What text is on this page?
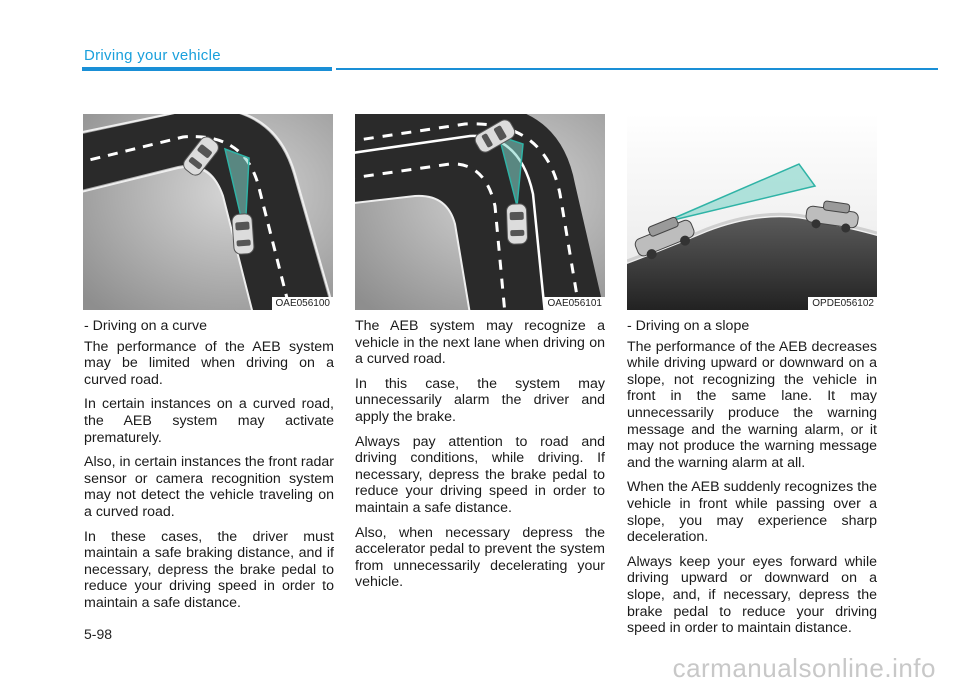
Driving your vehicle
OAE056100	OAE056101	OPDE056102

- Driving on a curve

The performance of the AEB system may be limited when driving on a curved road.

In certain instances on a curved road, the AEB system may activate prematurely.

Also, in certain instances the front radar sensor or camera recognition system may not detect the vehicle traveling on a curved road.

In these cases, the driver must maintain a safe braking distance, and if necessary, depress the brake pedal to reduce your driving speed in order to maintain a safe distance.

The AEB system may recognize a vehicle in the next lane when driving on a curved road.

In this case, the system may unnecessarily alarm the driver and apply the brake.

Always pay attention to road and driving conditions, while driving. If necessary, depress the brake pedal to reduce your driving speed in order to maintain a safe distance.

Also, when necessary depress the accelerator pedal to prevent the system from unnecessarily decelerating your vehicle.

- Driving on a slope

The performance of the AEB decreases while driving upward or downward on a slope, not recognizing the vehicle in front in the same lane. It may unnecessarily produce the warning message and the warning alarm, or it may not produce the warning message and the warning alarm at all.

When the AEB suddenly recognizes the vehicle in front while passing over a slope, you may experience sharp deceleration.

Always keep your eyes forward while driving upward or downward on a slope, and, if necessary, depress the brake pedal to reduce your driving speed in order to maintain distance.

5-98
carmanualsonline.info
